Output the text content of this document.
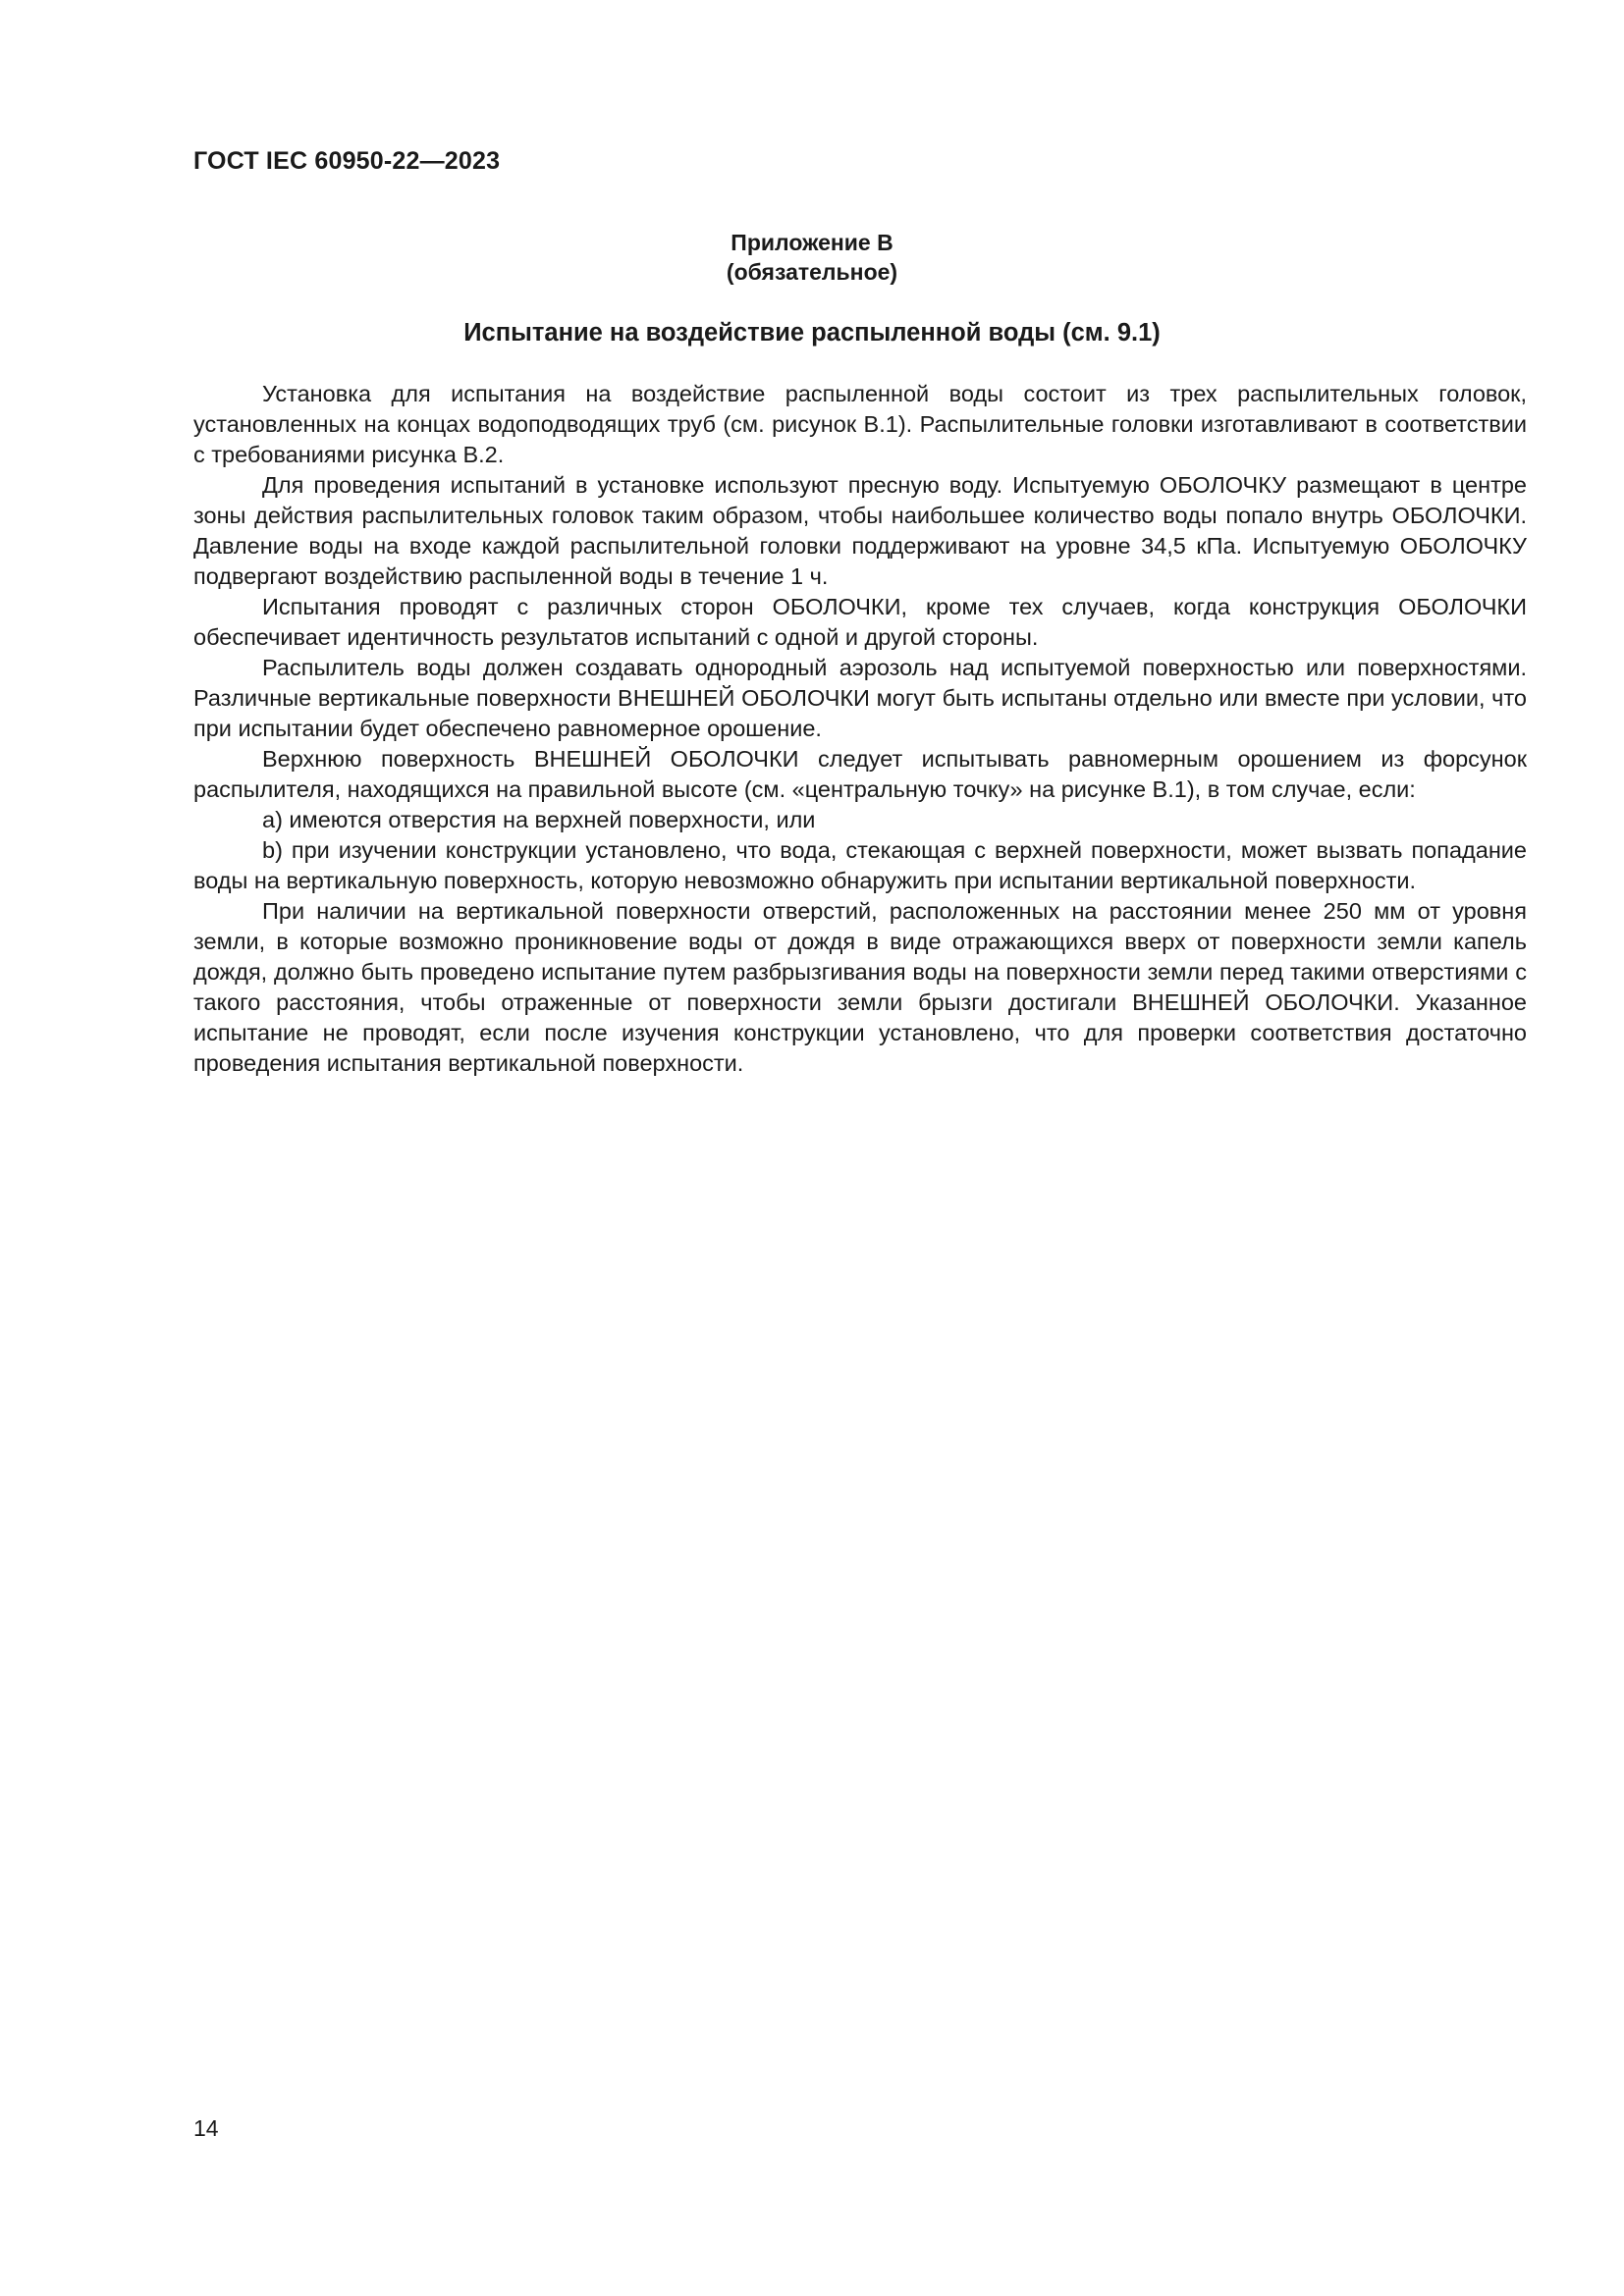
ГОСТ IEC 60950-22—2023
Приложение В
(обязательное)
Испытание на воздействие распыленной воды (см. 9.1)

Установка для испытания на воздействие распыленной воды состоит из трех распылительных головок, установленных на концах водоподводящих труб (см. рисунок В.1). Распылительные головки изготавливают в соответствии с требованиями рисунка В.2.

Для проведения испытаний в установке используют пресную воду. Испытуемую ОБОЛОЧКУ размещают в центре зоны действия распылительных головок таким образом, чтобы наибольшее количество воды попало внутрь ОБОЛОЧКИ. Давление воды на входе каждой распылительной головки поддерживают на уровне 34,5 кПа. Испытуемую ОБОЛОЧКУ подвергают воздействию распыленной воды в течение 1 ч.

Испытания проводят с различных сторон ОБОЛОЧКИ, кроме тех случаев, когда конструкция ОБОЛОЧКИ обеспечивает идентичность результатов испытаний с одной и другой стороны.

Распылитель воды должен создавать однородный аэрозоль над испытуемой поверхностью или поверхностями. Различные вертикальные поверхности ВНЕШНЕЙ ОБОЛОЧКИ могут быть испытаны отдельно или вместе при условии, что при испытании будет обеспечено равномерное орошение.

Верхнюю поверхность ВНЕШНЕЙ ОБОЛОЧКИ следует испытывать равномерным орошением из форсунок распылителя, находящихся на правильной высоте (см. «центральную точку» на рисунке В.1), в том случае, если:

a) имеются отверстия на верхней поверхности, или

b) при изучении конструкции установлено, что вода, стекающая с верхней поверхности, может вызвать попадание воды на вертикальную поверхность, которую невозможно обнаружить при испытании вертикальной поверхности.

При наличии на вертикальной поверхности отверстий, расположенных на расстоянии менее 250 мм от уровня земли, в которые возможно проникновение воды от дождя в виде отражающихся вверх от поверхности земли капель дождя, должно быть проведено испытание путем разбрызгивания воды на поверхности земли перед такими отверстиями с такого расстояния, чтобы отраженные от поверхности земли брызги достигали ВНЕШНЕЙ ОБОЛОЧКИ. Указанное испытание не проводят, если после изучения конструкции установлено, что для проверки соответствия достаточно проведения испытания вертикальной поверхности.

14
